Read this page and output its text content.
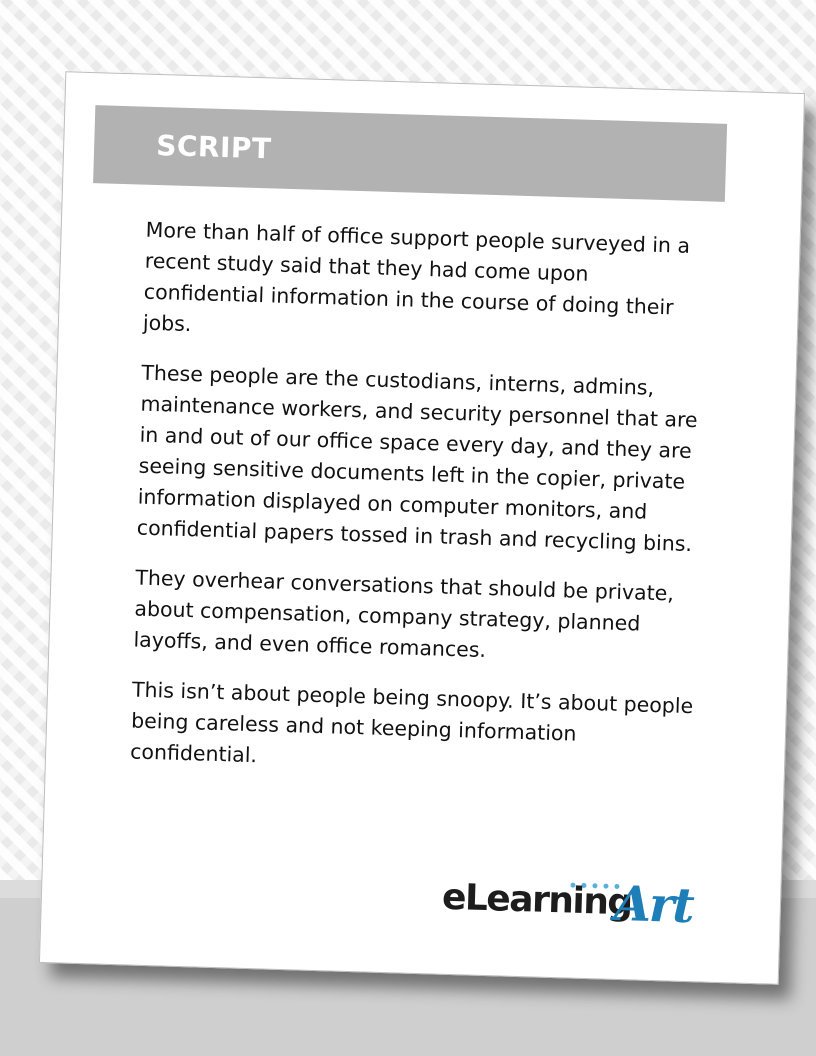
SCRIPT

More than half of office support people surveyed in a recent study said that they had come upon confidential information in the course of doing their jobs.

These people are the custodians, interns, admins, maintenance workers, and security personnel that are in and out of our office space every day, and they are seeing sensitive documents left in the copier, private information displayed on computer monitors, and confidential papers tossed in trash and recycling bins.

They overhear conversations that should be private, about compensation, company strategy, planned layoffs, and even office romances.

This isn’t about people being snoopy. It’s about people being careless and not keeping information confidential.

eLearning
Art
